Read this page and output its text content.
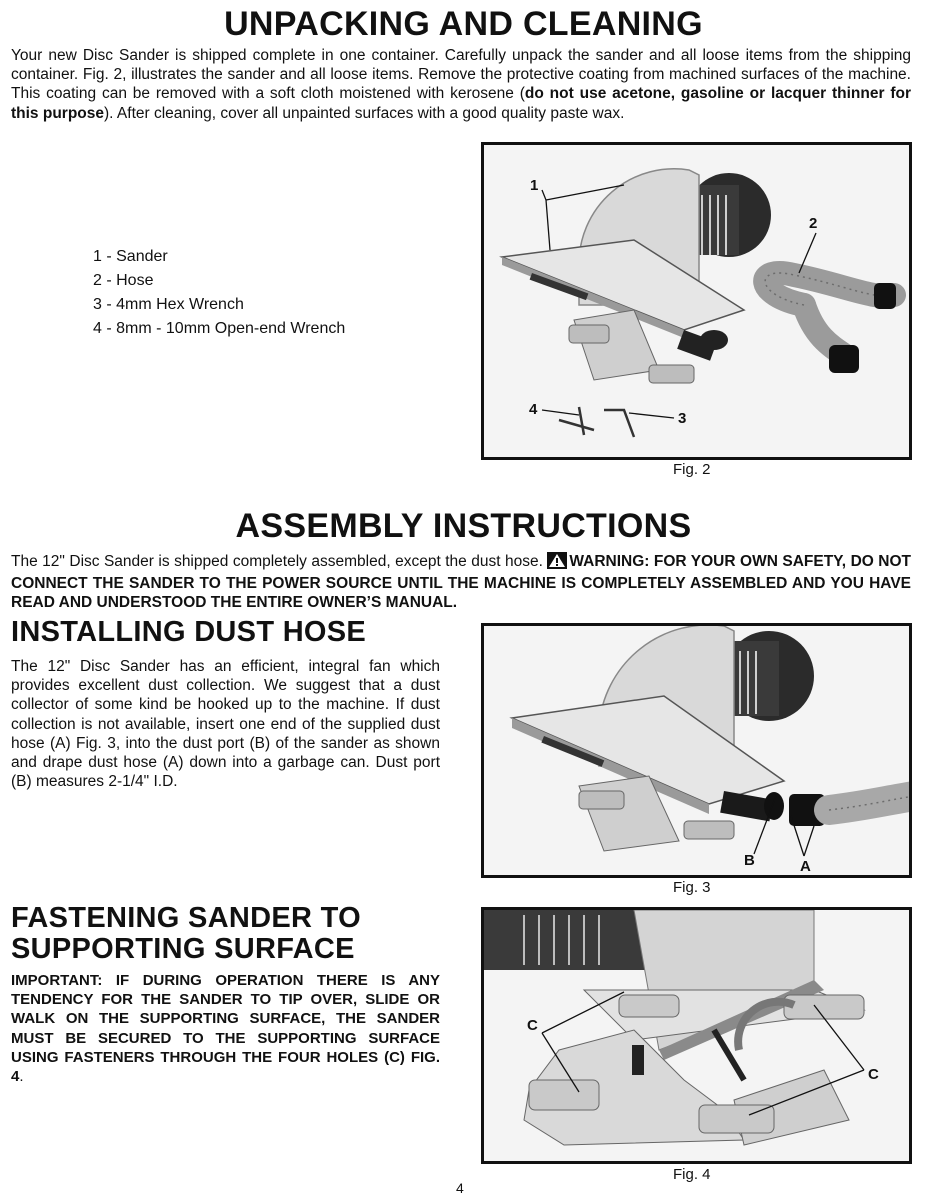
UNPACKING AND CLEANING

Your new Disc Sander is shipped complete in one container. Carefully unpack the sander and all loose items from the shipping container. Fig. 2, illustrates the sander and all loose items. Remove the protective coating from machined surfaces of the machine. This coating can be removed with a soft cloth moistened with kerosene (do not use acetone, gasoline or lacquer thinner for this purpose). After cleaning, cover all unpainted surfaces with a good quality paste wax.

1 - Sander
2 - Hose
3 - 4mm Hex Wrench
4 - 8mm - 10mm Open-end Wrench
1
2
3
4
Fig. 2
ASSEMBLY INSTRUCTIONS

The 12" Disc Sander is shipped completely assembled, except the dust hose. WARNING: FOR YOUR OWN SAFETY, DO NOT CONNECT THE SANDER TO THE POWER SOURCE UNTIL THE MACHINE IS COMPLETELY ASSEMBLED AND YOU HAVE READ AND UNDERSTOOD THE ENTIRE OWNER’S MANUAL.

INSTALLING DUST HOSE

The 12" Disc Sander has an efficient, integral fan which provides excellent dust collection. We suggest that a dust collector of some kind be hooked up to the machine. If dust collection is not available, insert one end of the supplied dust hose (A) Fig. 3, into the dust port (B) of the sander as shown and drape dust hose (A) down into a garbage can. Dust port (B) measures 2-1/4" I.D.

B	A
Fig. 3
FASTENING SANDER TO
SUPPORTING SURFACE

IMPORTANT: IF DURING OPERATION THERE IS ANY TENDENCY FOR THE SANDER TO TIP OVER, SLIDE OR WALK ON THE SUPPORTING SURFACE, THE SANDER MUST BE SECURED TO THE SUPPORTING SURFACE USING FASTENERS THROUGH THE FOUR HOLES (C) FIG. 4.

C
C
Fig. 4
4
